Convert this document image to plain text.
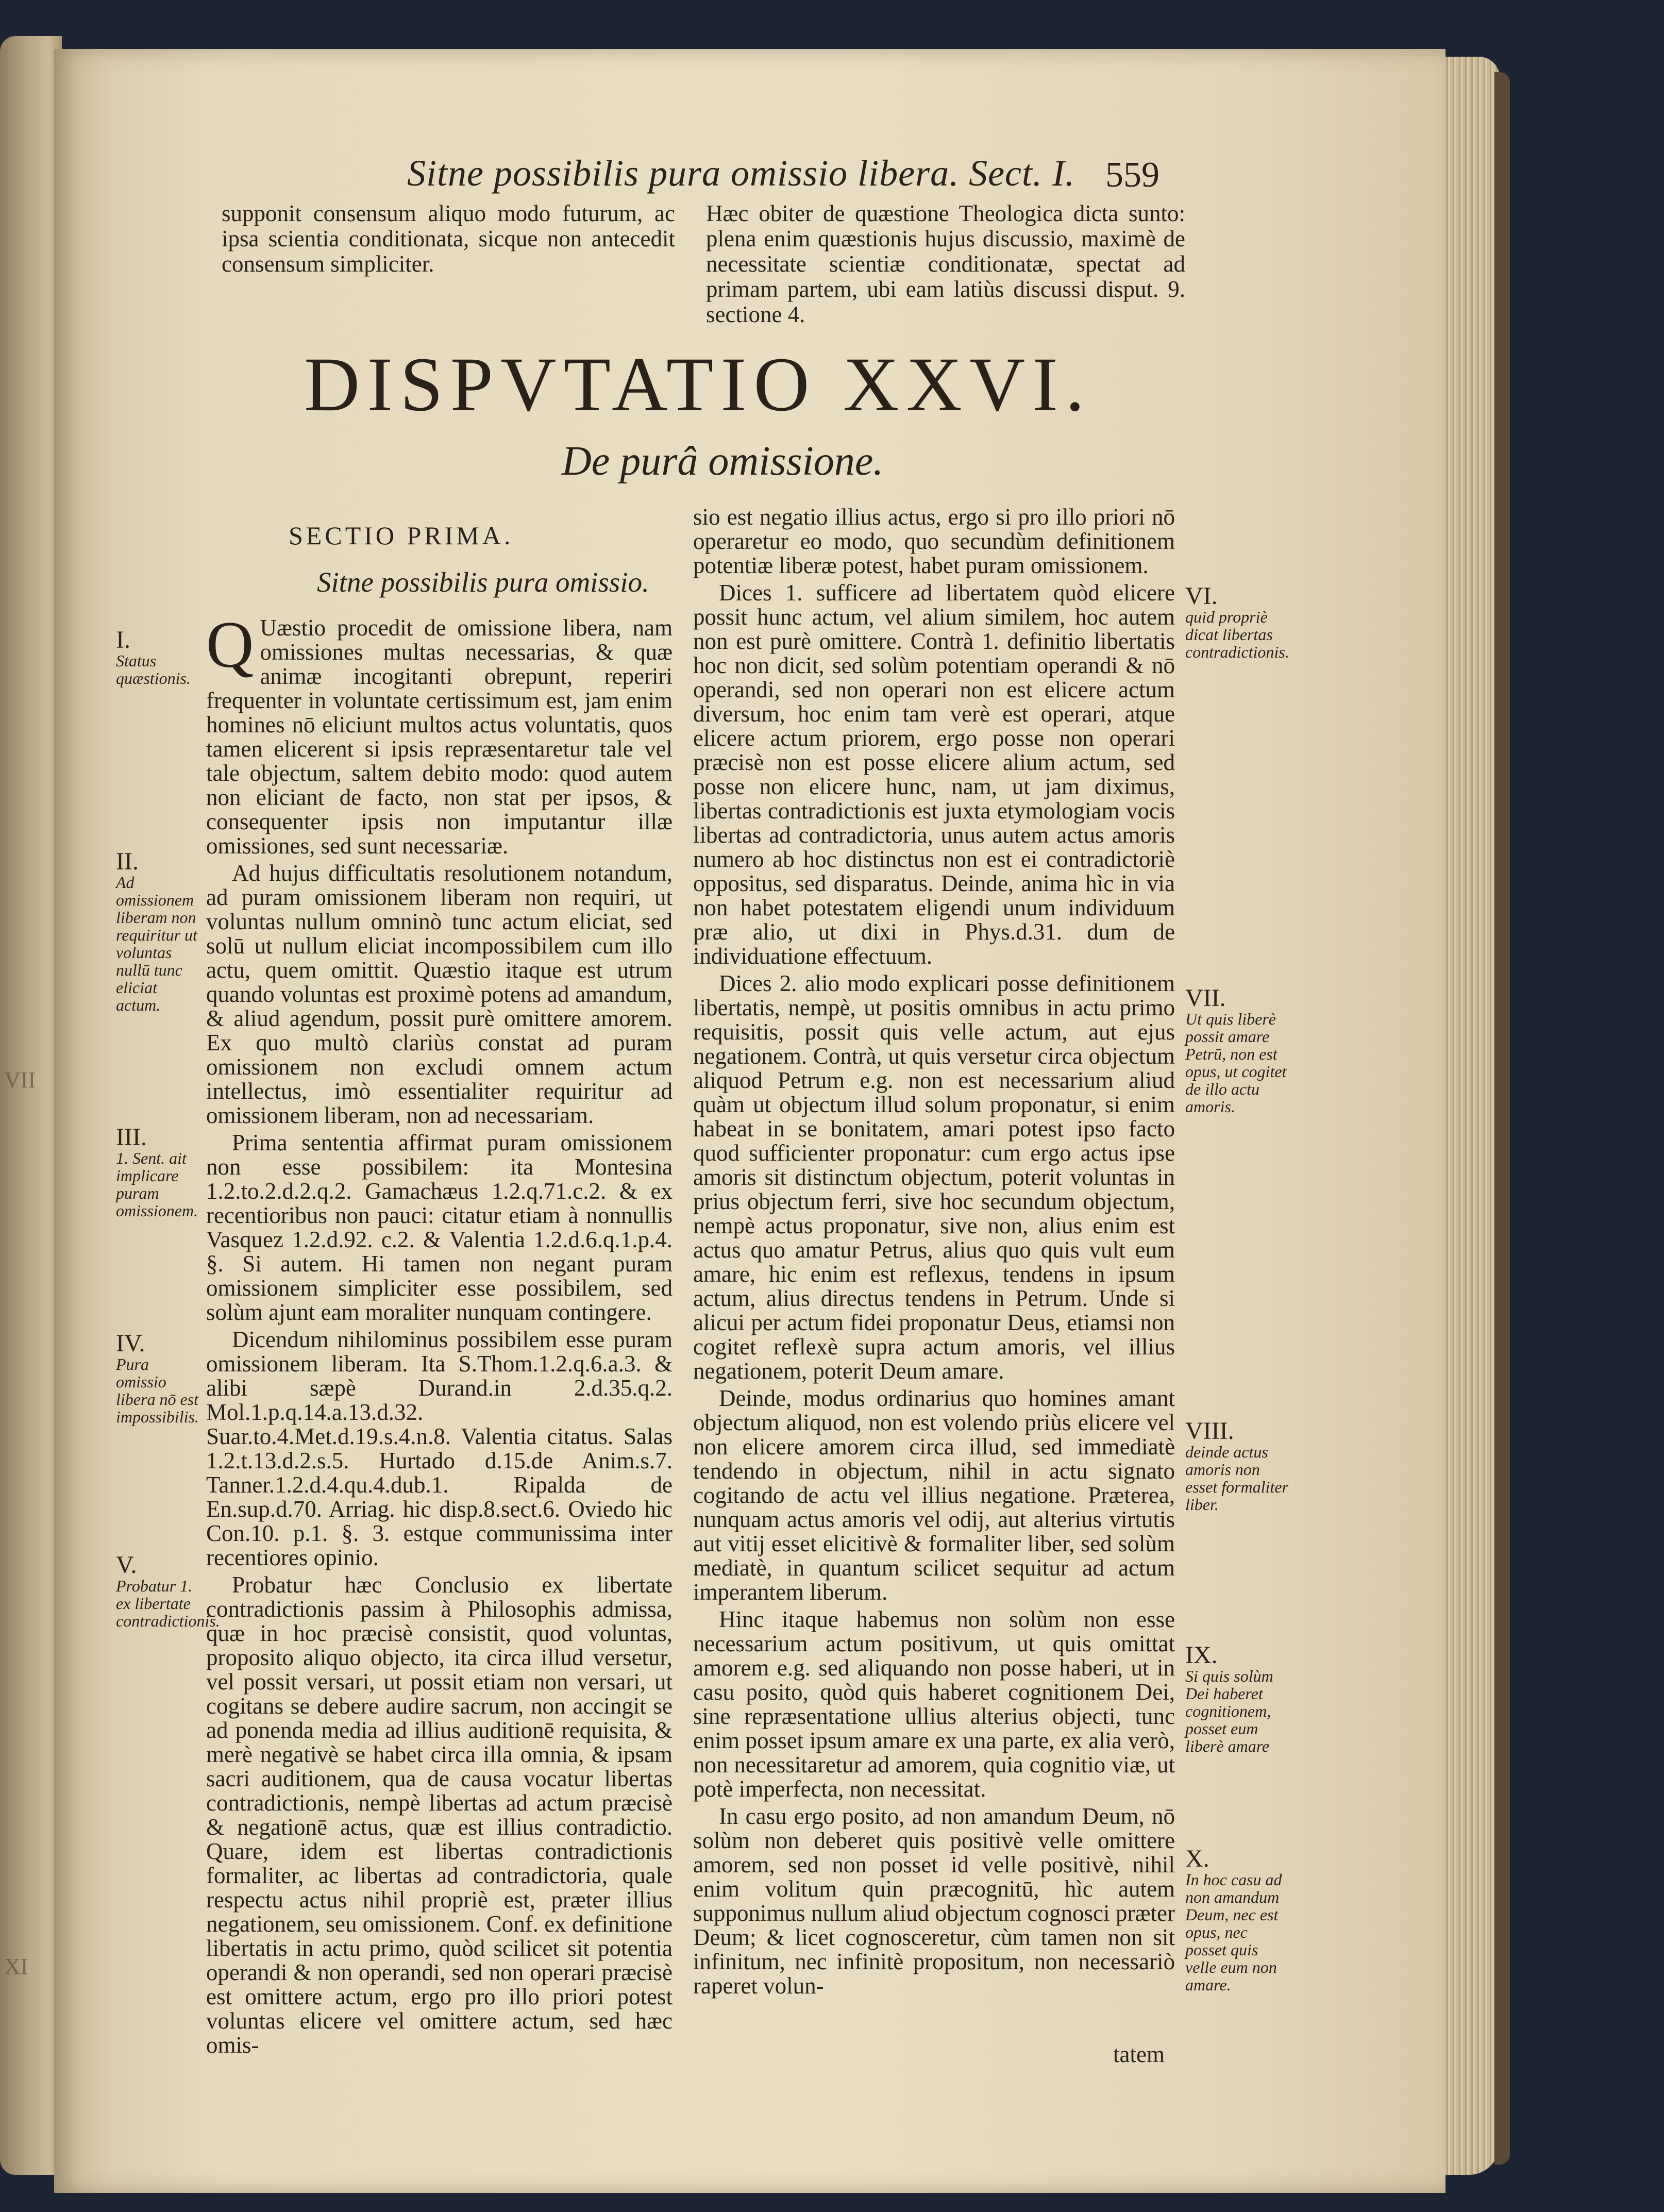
VII
XI
Sitne possibilis pura omissio libera. Sect. I. 559
supponit consensum aliquo modo futurum, ac ipsa scientia conditionata, sicque non antecedit consensum simpliciter.
Hæc obiter de quæstione Theologica dicta sunto: plena enim quæstionis hujus discussio, maximè de necessitate scientiæ conditionatæ, spectat ad primam partem, ubi eam latiùs discussi disput. 9. sectione 4.
DISPVTATIO XXVI.
De purâ omissione.
SECTIO PRIMA.
Sitne possibilis pura omissio.

Q Uæstio procedit de omissione libera, nam omissiones multas necessarias, & quæ animæ incogitanti obrepunt, reperiri frequenter in voluntate certissimum est, jam enim homines nō eliciunt multos actus voluntatis, quos tamen elicerent si ipsis repræsentaretur tale vel tale objectum, saltem debito modo: quod autem non eliciant de facto, non stat per ipsos, & consequenter ipsis non imputantur illæ omissiones, sed sunt necessariæ.

Ad hujus difficultatis resolutionem notandum, ad puram omissionem liberam non requiri, ut voluntas nullum omninò tunc actum eliciat, sed solū ut nullum eliciat incompossibilem cum illo actu, quem omittit. Quæstio itaque est utrum quando voluntas est proximè potens ad amandum, & aliud agendum, possit purè omittere amorem. Ex quo multò clariùs constat ad puram omissionem non excludi omnem actum intellectus, imò essentialiter requiritur ad omissionem liberam, non ad necessariam.

Prima sententia affirmat puram omissionem non esse possibilem: ita Montesina 1.2.to.2.d.2.q.2. Gamachæus 1.2.q.71.c.2. & ex recentioribus non pauci: citatur etiam à nonnullis Vasquez 1.2.d.92. c.2. & Valentia 1.2.d.6.q.1.p.4. §. Si autem. Hi tamen non negant puram omissionem simpliciter esse possibilem, sed solùm ajunt eam moraliter nunquam contingere.

Dicendum nihilominus possibilem esse puram omissionem liberam. Ita S.Thom.1.2.q.6.a.3. & alibi sæpè Durand.in 2.d.35.q.2. Mol.1.p.q.14.a.13.d.32. Suar.to.4.Met.d.19.s.4.n.8. Valentia citatus. Salas 1.2.t.13.d.2.s.5. Hurtado d.15.de Anim.s.7. Tanner.1.2.d.4.qu.4.dub.1. Ripalda de En.sup.d.70. Arriag. hic disp.8.sect.6. Oviedo hic Con.10. p.1. §. 3. estque communissima inter recentiores opinio.

Probatur hæc Conclusio ex libertate contradictionis passim à Philosophis admissa, quæ in hoc præcisè consistit, quod voluntas, proposito aliquo objecto, ita circa illud versetur, vel possit versari, ut possit etiam non versari, ut cogitans se debere audire sacrum, non accingit se ad ponenda media ad illius auditionē requisita, & merè negativè se habet circa illa omnia, & ipsam sacri auditionem, qua de causa vocatur libertas contradictionis, nempè libertas ad actum præcisè & negationē actus, quæ est illius contradictio. Quare, idem est libertas contradictionis formaliter, ac libertas ad contradictoria, quale respectu actus nihil propriè est, præter illius negationem, seu omissionem. Conf. ex definitione libertatis in actu primo, quòd scilicet sit potentia operandi & non operandi, sed non operari præcisè est omittere actum, ergo pro illo priori potest voluntas elicere vel omittere actum, sed hæc omis-

sio est negatio illius actus, ergo si pro illo priori nō operaretur eo modo, quo secundùm definitionem potentiæ liberæ potest, habet puram omissionem.

Dices 1. sufficere ad libertatem quòd elicere possit hunc actum, vel alium similem, hoc autem non est purè omittere. Contrà 1. definitio libertatis hoc non dicit, sed solùm potentiam operandi & nō operandi, sed non operari non est elicere actum diversum, hoc enim tam verè est operari, atque elicere actum priorem, ergo posse non operari præcisè non est posse elicere alium actum, sed posse non elicere hunc, nam, ut jam diximus, libertas contradictionis est juxta etymologiam vocis libertas ad contradictoria, unus autem actus amoris numero ab hoc distinctus non est ei contradictoriè oppositus, sed disparatus. Deinde, anima hìc in via non habet potestatem eligendi unum individuum præ alio, ut dixi in Phys.d.31. dum de individuatione effectuum.

Dices 2. alio modo explicari posse definitionem libertatis, nempè, ut positis omnibus in actu primo requisitis, possit quis velle actum, aut ejus negationem. Contrà, ut quis versetur circa objectum aliquod Petrum e.g. non est necessarium aliud quàm ut objectum illud solum proponatur, si enim habeat in se bonitatem, amari potest ipso facto quod sufficienter proponatur: cum ergo actus ipse amoris sit distinctum objectum, poterit voluntas in prius objectum ferri, sive hoc secundum objectum, nempè actus proponatur, sive non, alius enim est actus quo amatur Petrus, alius quo quis vult eum amare, hic enim est reflexus, tendens in ipsum actum, alius directus tendens in Petrum. Unde si alicui per actum fidei proponatur Deus, etiamsi non cogitet reflexè supra actum amoris, vel illius negationem, poterit Deum amare.

Deinde, modus ordinarius quo homines amant objectum aliquod, non est volendo priùs elicere vel non elicere amorem circa illud, sed immediatè tendendo in objectum, nihil in actu signato cogitando de actu vel illius negatione. Præterea, nunquam actus amoris vel odij, aut alterius virtutis aut vitij esset elicitivè & formaliter liber, sed solùm mediatè, in quantum scilicet sequitur ad actum imperantem liberum.

Hinc itaque habemus non solùm non esse necessarium actum positivum, ut quis omittat amorem e.g. sed aliquando non posse haberi, ut in casu posito, quòd quis haberet cognitionem Dei, sine repræsentatione ullius alterius objecti, tunc enim posset ipsum amare ex una parte, ex alia verò, non necessitaretur ad amorem, quia cognitio viæ, ut potè imperfecta, non necessitat.

In casu ergo posito, ad non amandum Deum, nō solùm non deberet quis positivè velle omittere amorem, sed non posset id velle positivè, nihil enim volitum quin præcognitū, hìc autem supponimus nullum aliud objectum cognosci præter Deum; & licet cognosceretur, cùm tamen non sit infinitum, nec infinitè propositum, non necessariò raperet volun-

tatem
I.
Status quæstionis.
II.
Ad omissionem liberam non requiritur ut voluntas nullū tunc eliciat actum.
III.
1. Sent. ait implicare puram omissionem.
IV.
Pura omissio libera nō est impossibilis.
V.
Probatur 1. ex libertate contradictionis.
VI.
quid propriè dicat libertas contradictionis.
VII.
Ut quis liberè possit amare Petrū, non est opus, ut cogitet de illo actu amoris.
VIII.
deinde actus amoris non esset formaliter liber.
IX.
Si quis solùm Dei haberet cognitionem, posset eum liberè amare
X.
In hoc casu ad non amandum Deum, nec est opus, nec posset quis velle eum non amare.
